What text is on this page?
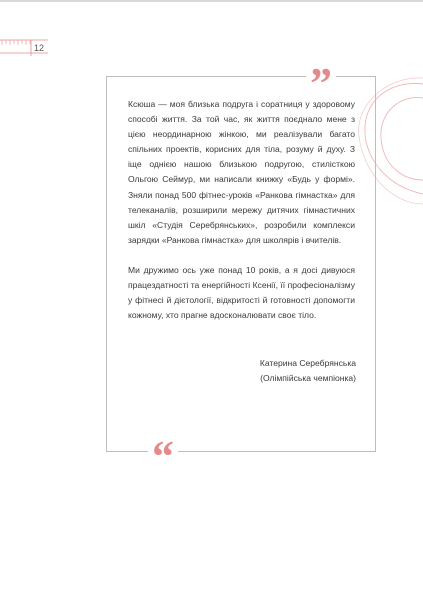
12
”
“

Ксюша — моя близька подруга і соратниця у здоровому способі життя. За той час, як життя поєднало мене з цією неординарною жінкою, ми реалізували багато спільних проектів, корисних для тіла, розуму й духу. З іще однією нашою близькою подругою, стилісткою Ольгою Сеймур, ми написали книжку «Будь у формі». Зняли понад 500 фітнес-уроків «Ранкова гімнастка» для телеканалів, розширили мережу дитячих гімнастичних шкіл «Студія Серебрянських», розробили комплекси зарядки «Ранкова гімнастка» для школярів і вчителів.

Ми дружимо ось уже понад 10 років, а я досі дивуюся працездатності та енергійності Ксенії, її професіоналізму у фітнесі й дієтології, відкритості й готовності допомогти кожному, хто прагне вдосконалювати своє тіло.

Катерина Серебрянська
(Олімпійська чемпіонка)
